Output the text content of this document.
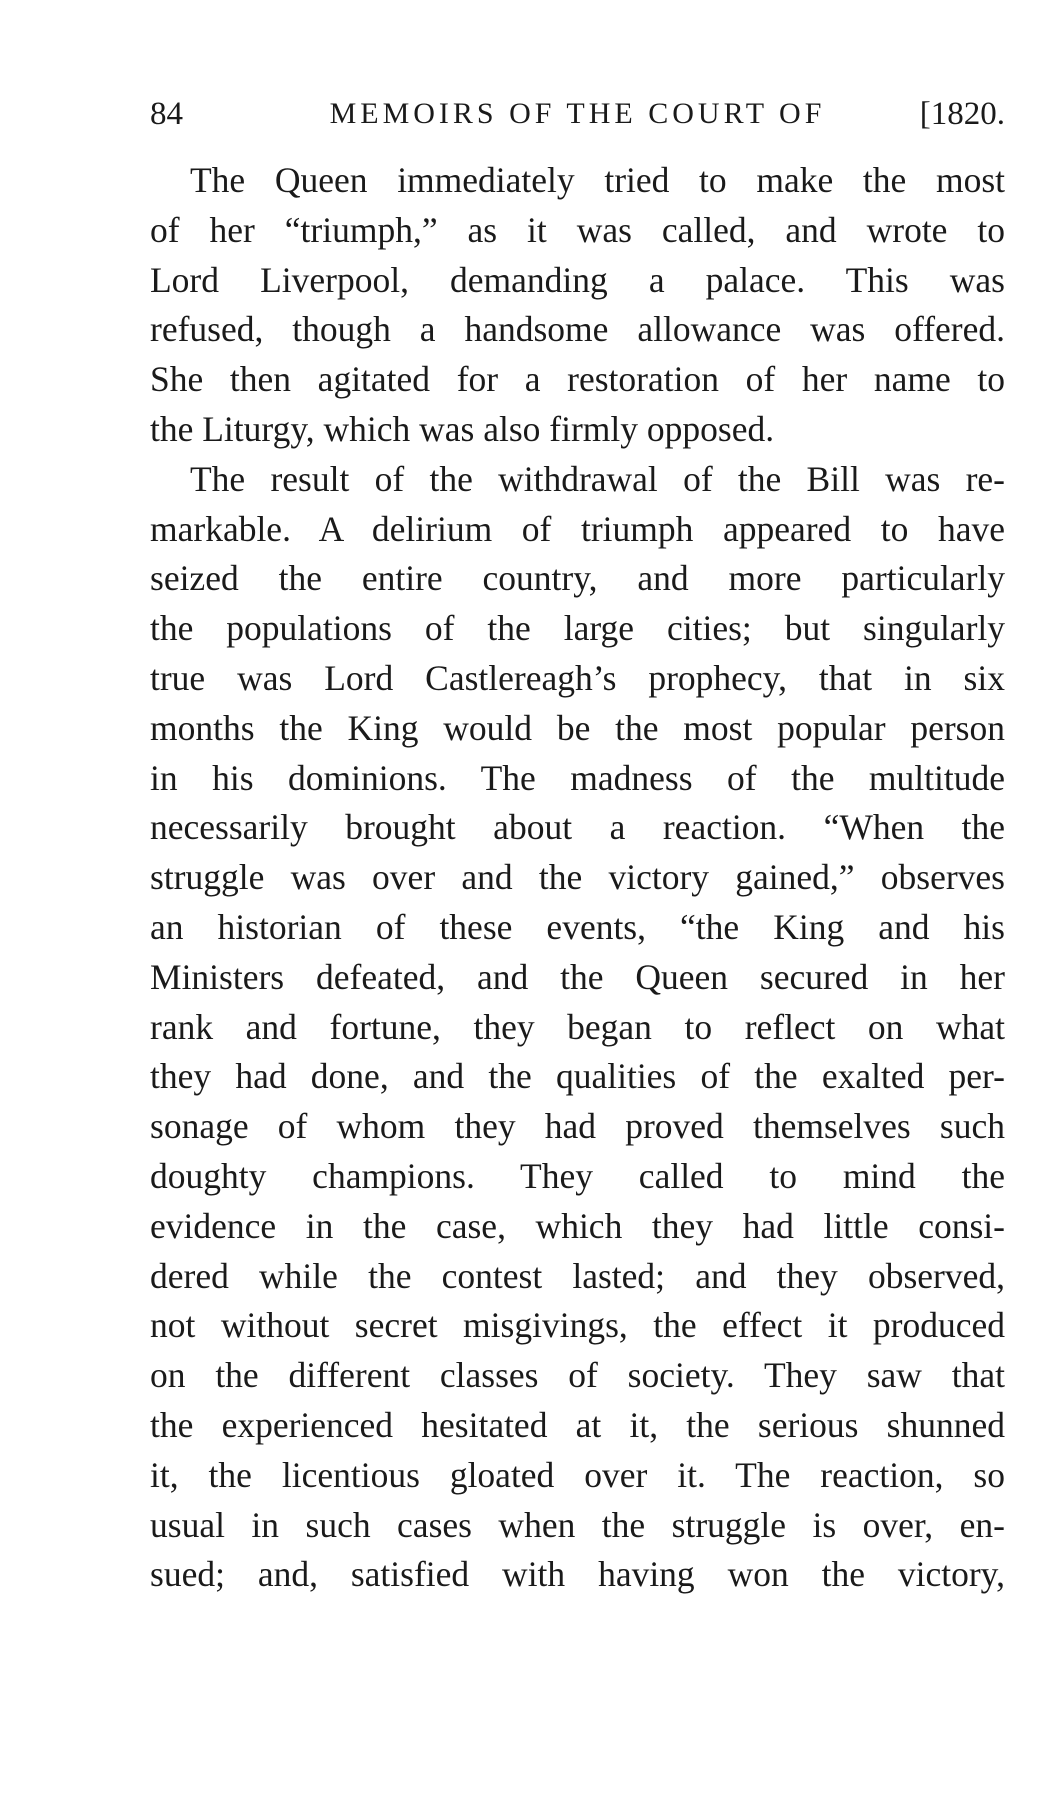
84	MEMOIRS OF THE COURT OF	[1820.
The Queen immediately tried to make the most
of her “triumph,” as it was called, and wrote to
Lord Liverpool, demanding a palace. This was
refused, though a handsome allowance was offered.
She then agitated for a restoration of her name to
the Liturgy, which was also firmly opposed.
The result of the withdrawal of the Bill was re-
markable. A delirium of triumph appeared to have
seized the entire country, and more particularly
the populations of the large cities; but singularly
true was Lord Castlereagh’s prophecy, that in six
months the King would be the most popular person
in his dominions. The madness of the multitude
necessarily brought about a reaction. “When the
struggle was over and the victory gained,” observes
an historian of these events, “the King and his
Ministers defeated, and the Queen secured in her
rank and fortune, they began to reflect on what
they had done, and the qualities of the exalted per-
sonage of whom they had proved themselves such
doughty champions. They called to mind the
evidence in the case, which they had little consi-
dered while the contest lasted; and they observed,
not without secret misgivings, the effect it produced
on the different classes of society. They saw that
the experienced hesitated at it, the serious shunned
it, the licentious gloated over it. The reaction, so
usual in such cases when the struggle is over, en-
sued; and, satisfied with having won the victory,
